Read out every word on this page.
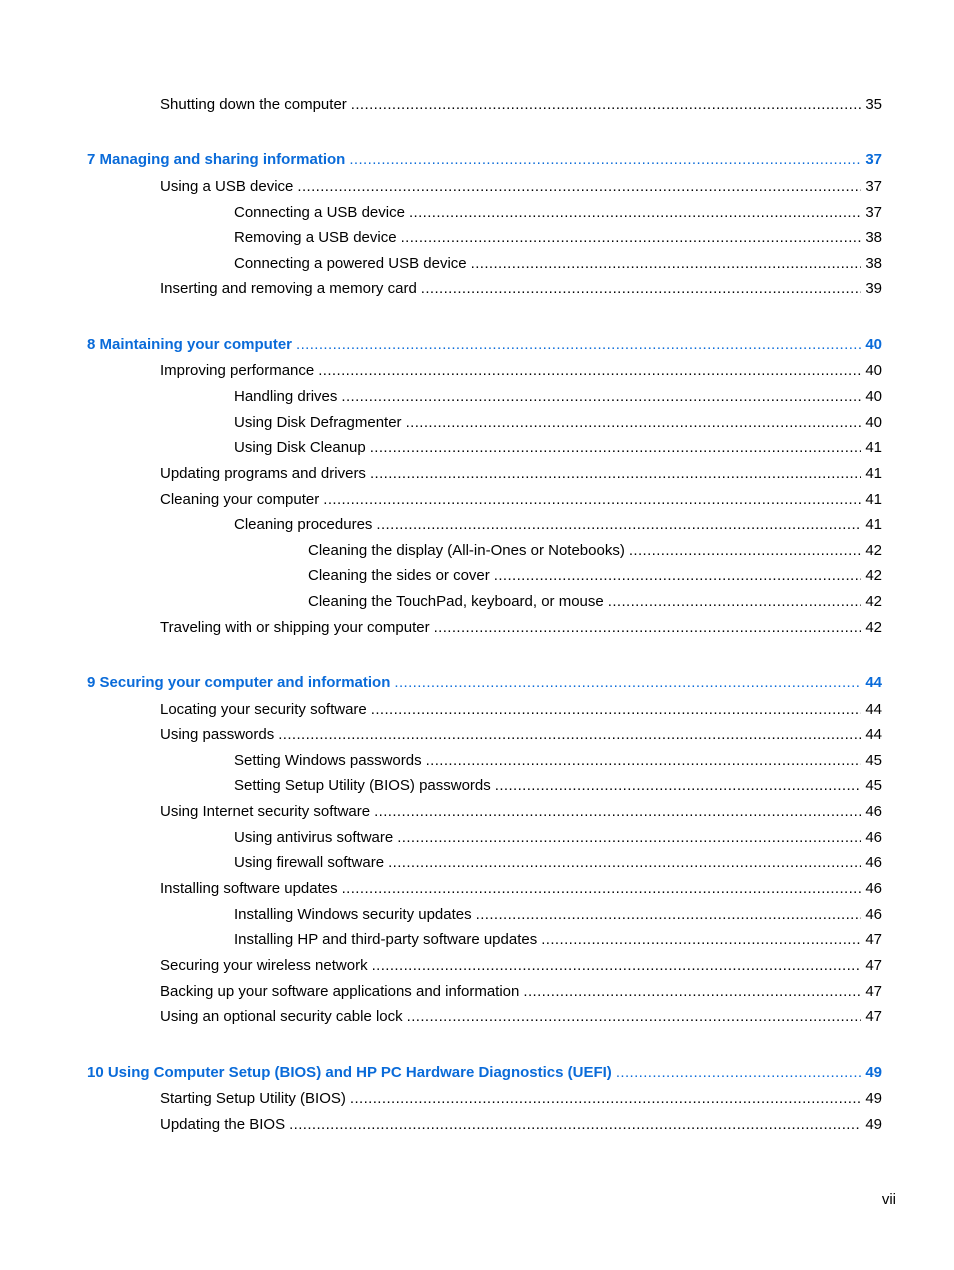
Shutting down the computer .....	35
7 Managing and sharing information .....	37
Using a USB device .....	37
Connecting a USB device .....	37
Removing a USB device .....	38
Connecting a powered USB device .....	38
Inserting and removing a memory card .....	39
8 Maintaining your computer .....	40
Improving performance .....	40
Handling drives .....	40
Using Disk Defragmenter .....	40
Using Disk Cleanup .....	41
Updating programs and drivers .....	41
Cleaning your computer .....	41
Cleaning procedures .....	41
Cleaning the display (All-in-Ones or Notebooks) .....	42
Cleaning the sides or cover .....	42
Cleaning the TouchPad, keyboard, or mouse .....	42
Traveling with or shipping your computer .....	42
9 Securing your computer and information .....	44
Locating your security software .....	44
Using passwords .....	44
Setting Windows passwords .....	45
Setting Setup Utility (BIOS) passwords .....	45
Using Internet security software .....	46
Using antivirus software .....	46
Using firewall software .....	46
Installing software updates .....	46
Installing Windows security updates .....	46
Installing HP and third-party software updates .....	47
Securing your wireless network .....	47
Backing up your software applications and information .....	47
Using an optional security cable lock .....	47
10 Using Computer Setup (BIOS) and HP PC Hardware Diagnostics (UEFI) .....	49
Starting Setup Utility (BIOS) .....	49
Updating the BIOS .....	49
vii
